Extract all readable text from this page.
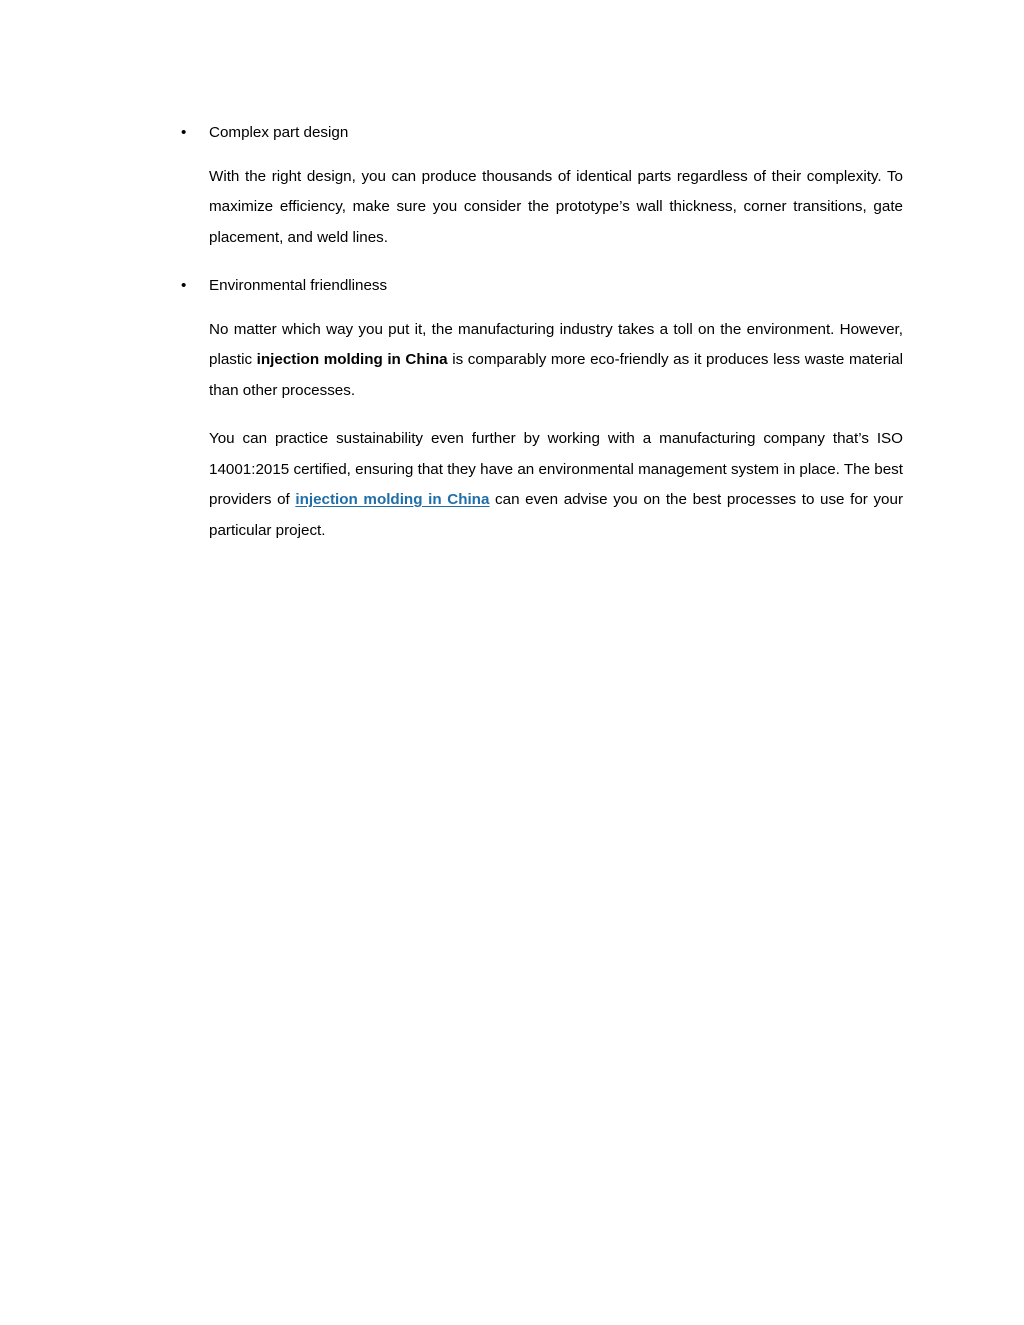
•	Complex part design

With the right design, you can produce thousands of identical parts regardless of their complexity. To maximize efficiency, make sure you consider the prototype’s wall thickness, corner transitions, gate placement, and weld lines.

•	Environmental friendliness

No matter which way you put it, the manufacturing industry takes a toll on the environment. However, plastic injection molding in China is comparably more eco-friendly as it produces less waste material than other processes.

You can practice sustainability even further by working with a manufacturing company that’s ISO 14001:2015 certified, ensuring that they have an environmental management system in place. The best providers of injection molding in China can even advise you on the best processes to use for your particular project.
